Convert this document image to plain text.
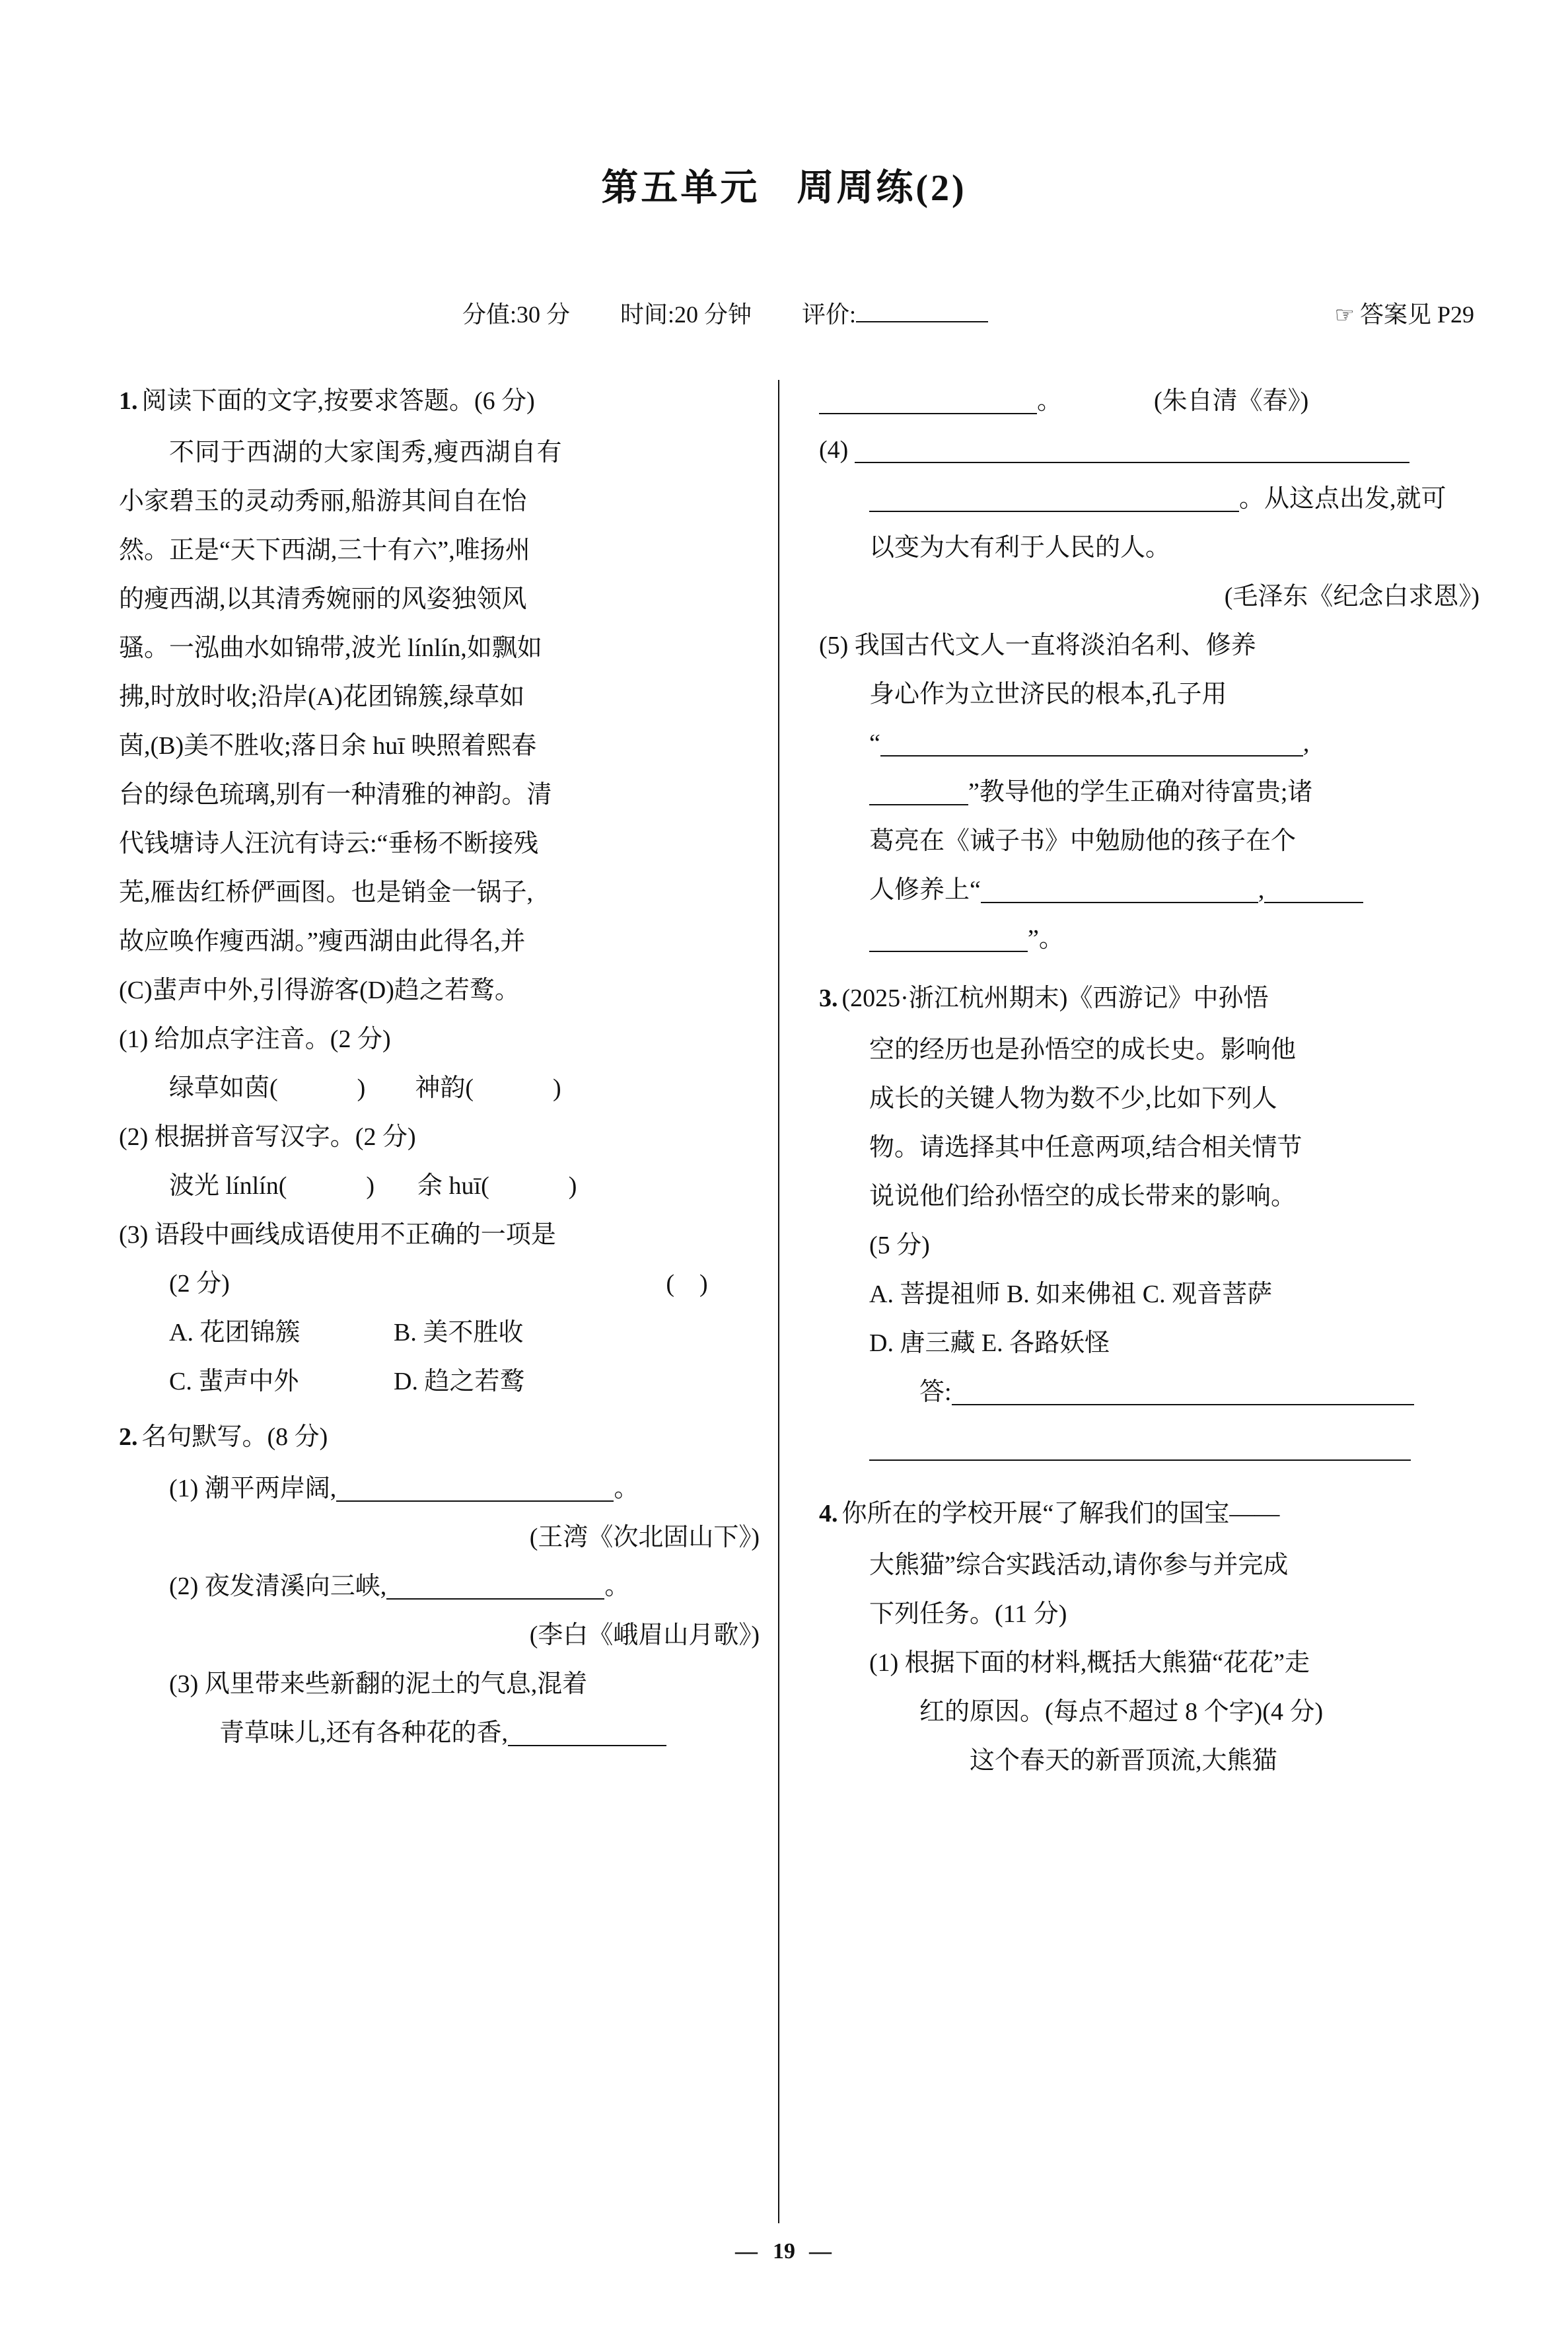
第五单元 周周练(2)
分值:30 分 时间:20 分钟 评价:	☞ 答案见 P29
1. 阅读下面的文字,按要求答题。(6 分)
不同于西湖的大家闺秀,瘦西湖自有
小家碧玉的灵动秀丽,船游其间自在怡
然。正是“天下西湖,三十有六”,唯扬州
的瘦西湖,以其清秀婉丽的风姿独领风
骚。一泓曲水如锦带,波光 línlín,如飘如
拂,时放时收;沿岸(A)花团锦簇,绿草如
茵,(B)美不胜收;落日余 huī 映照着熙春
台的绿色琉璃,别有一种清雅的神韵。清
代钱塘诗人汪沆有诗云:“垂杨不断接残
芜,雁齿红桥俨画图。也是销金一锅子,
故应唤作瘦西湖。”瘦西湖由此得名,并
(C)蜚声中外,引得游客(D)趋之若鹜。
(1) 给加点字注音。(2 分)
绿草如茵(	) 神韵(	)
(2) 根据拼音写汉字。(2 分)
波光 línlín(	) 余 huī(	)
(3) 语段中画线成语使用不正确的一项是
(2 分)	(    )
A. 花团锦簇	B. 美不胜收
C. 蜚声中外	D. 趋之若鹜
2. 名句默写。(8 分)
(1) 潮平两岸阔,	。
(王湾《次北固山下》)
(2) 夜发清溪向三峡,	。
(李白《峨眉山月歌》)
(3) 风里带来些新翻的泥土的气息,混着
青草味儿,还有各种花的香,
。	(朱自清《春》)
(4)
。从这点出发,就可
以变为大有利于人民的人。
(毛泽东《纪念白求恩》)
(5) 我国古代文人一直将淡泊名利、修养
身心作为立世济民的根本,孔子用
“	,
”教导他的学生正确对待富贵;诸
葛亮在《诫子书》中勉励他的孩子在个
人修养上“	,
”。
3. (2025·浙江杭州期末)《西游记》中孙悟
空的经历也是孙悟空的成长史。影响他
成长的关键人物为数不少,比如下列人
物。请选择其中任意两项,结合相关情节
说说他们给孙悟空的成长带来的影响。
(5 分)
A. 菩提祖师 B. 如来佛祖 C. 观音菩萨
D. 唐三藏 E. 各路妖怪
答:
4. 你所在的学校开展“了解我们的国宝——
大熊猫”综合实践活动,请你参与并完成
下列任务。(11 分)
(1) 根据下面的材料,概括大熊猫“花花”走
红的原因。(每点不超过 8 个字)(4 分)
这个春天的新晋顶流,大熊猫
—  19  —
